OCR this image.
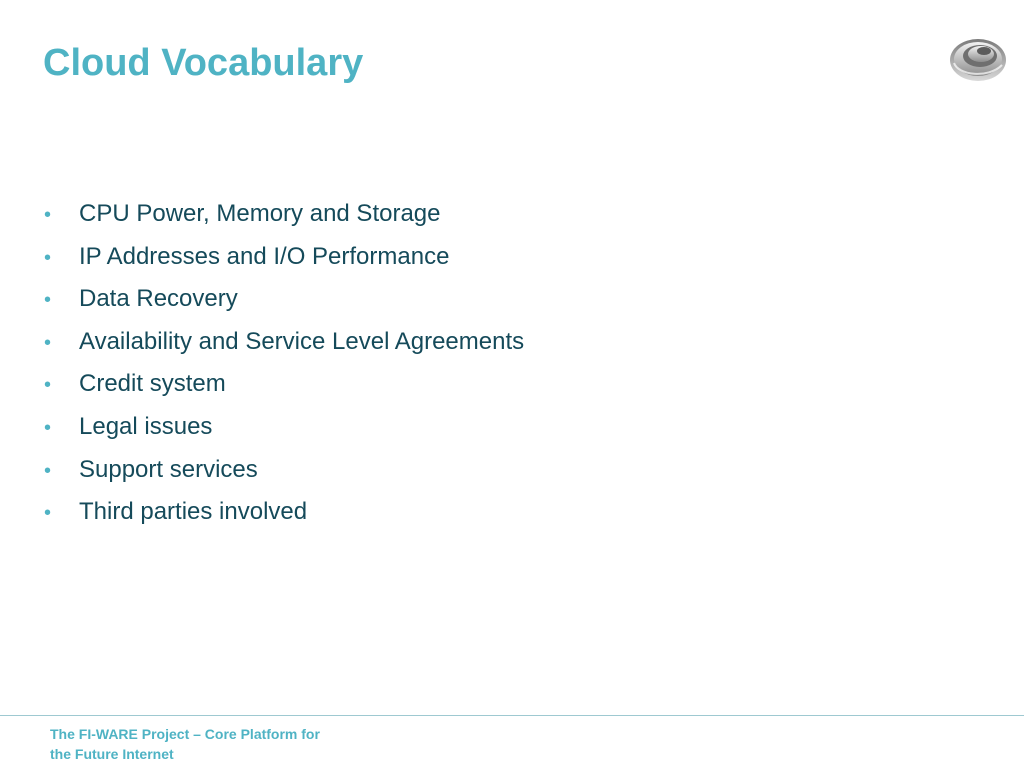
Cloud Vocabulary
•	CPU Power, Memory and Storage
•	IP Addresses and I/O Performance
•	Data Recovery
•	Availability and Service Level Agreements
•	Credit system
•	Legal issues
•	Support services
•	Third parties involved
The FI-WARE Project – Core Platform for
the Future Internet
